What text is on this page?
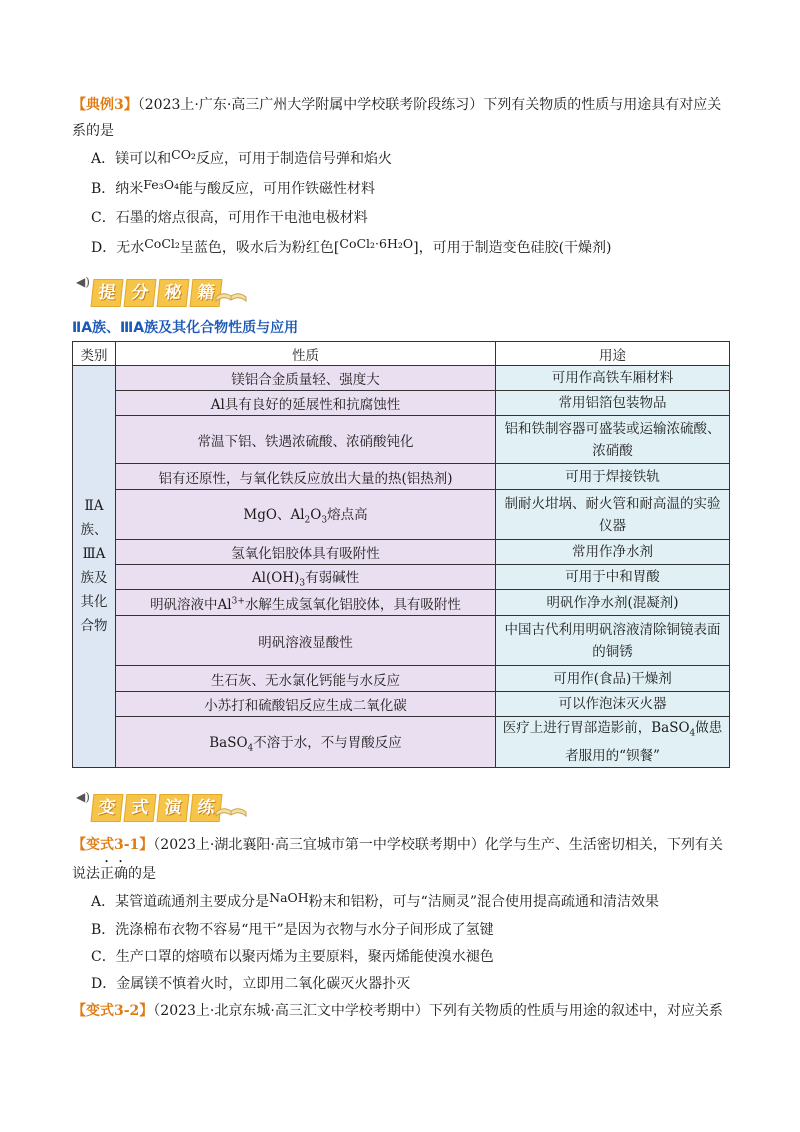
【典例3】（2023上·广东·高三广州大学附属中学校联考阶段练习）下列有关物质的性质与用途具有对应关系的是

A．镁可以和CO₂反应，可用于制造信号弹和焰火

B．纳米Fe₃O₄能与酸反应，可用作铁磁性材料

C．石墨的熔点很高，可用作干电池电极材料

D．无水CoCl₂呈蓝色，吸水后为粉红色[CoCl₂·6H₂O]，可用于制造变色硅胶(干燥剂)

◀)
提 分 秘 籍
ⅡA族、ⅢA族及其化合物性质与应用
类别	性质	用途

ⅡA族、ⅢA族及其化合物	镁铝合金质量轻、强度大	可用作高铁车厢材料
	Al具有良好的延展性和抗腐蚀性	常用铝箔包装物品
	常温下铝、铁遇浓硫酸、浓硝酸钝化	铝和铁制容器可盛装或运输浓硫酸、浓硝酸
	铝有还原性，与氧化铁反应放出大量的热(铝热剂)	可用于焊接铁轨
	MgO、$Al_2O_3$熔点高	制耐火坩埚、耐火管和耐高温的实验仪器
	氢氧化铝胶体具有吸附性	常用作净水剂
	$Al(OH)_3$有弱碱性	可用于中和胃酸
	明矾溶液中$Al^{3+}$水解生成氢氧化铝胶体，具有吸附性	明矾作净水剂(混凝剂)
	明矾溶液显酸性	中国古代利用明矾溶液清除铜镜表面的铜锈
	生石灰、无水氯化钙能与水反应	可用作(食品)干燥剂
	小苏打和硫酸铝反应生成二氧化碳	可以作泡沫灭火器
	BaSO$_4$不溶于水，不与胃酸反应	医疗上进行胃部造影前，BaSO$_4$做患者服用的“钡餐”
◀)
变 式 演 练

【变式3-1】（2023上·湖北襄阳·高三宜城市第一中学校联考期中）化学与生产、生活密切相关，下列有关说法正确的是

A．某管道疏通剂主要成分是NaOH粉末和铝粉，可与“洁厕灵”混合使用提高疏通和清洁效果

B．洗涤棉布衣物不容易“甩干”是因为衣物与水分子间形成了氢键

C．生产口罩的熔喷布以聚丙烯为主要原料，聚丙烯能使溴水褪色

D．金属镁不慎着火时，立即用二氧化碳灭火器扑灭

【变式3-2】（2023上·北京东城·高三汇文中学校考期中）下列有关物质的性质与用途的叙述中，对应关系
